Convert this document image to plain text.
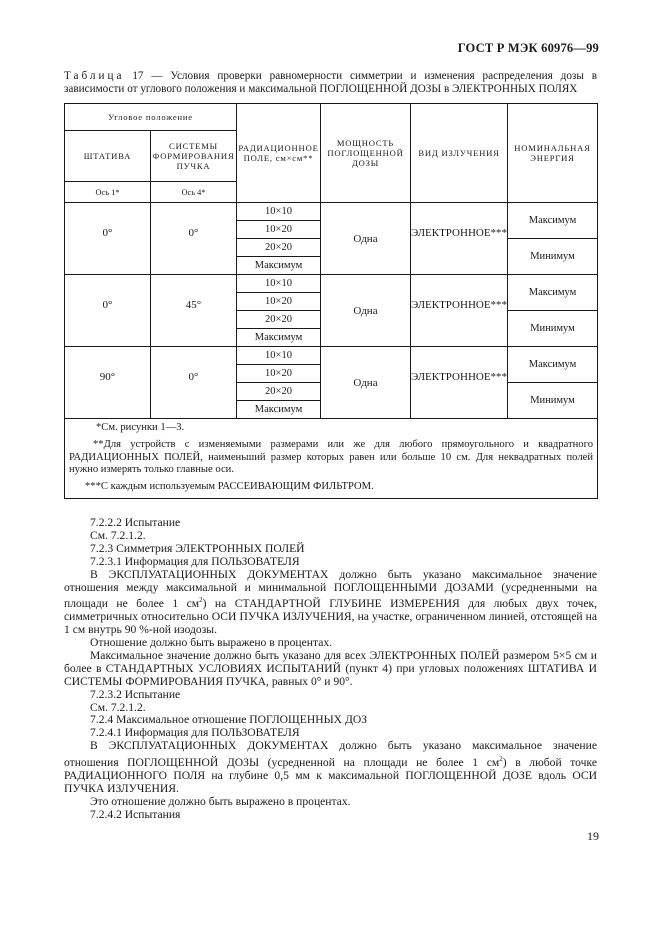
ГОСТ Р МЭК 60976—99
Таблица 17 — Условия проверки равномерности симметрии и изменения распределения дозы в зависимости от углового положения и максимальной ПОГЛОЩЕННОЙ ДОЗЫ в ЭЛЕКТРОННЫХ ПОЛЯХ
Угловое положение		РАДИАЦИОННОЕ ПОЛЕ, см×см**	МОЩНОСТЬ ПОГЛОЩЕННОЙ ДОЗЫ	ВИД ИЗЛУЧЕНИЯ	НОМИНАЛЬНАЯ ЭНЕРГИЯ
ШТАТИВА	СИСТЕМЫ ФОРМИРОВАНИЯ ПУЧКА				
Ось 1*	Ось 4*				
0°	0°	10×10	Одна	ЭЛЕКТРОННОЕ***	Максимум
		10×20			
		20×20			Минимум
		Максимум			
0°	45°	10×10	Одна	ЭЛЕКТРОННОЕ***	Максимум
		10×20			
		20×20			Минимум
		Максимум			
90°	0°	10×10	Одна	ЭЛЕКТРОННОЕ***	Максимум
		10×20			
		20×20			Минимум
		Максимум			

*См. рисунки 1—3.

**Для устройств с изменяемыми размерами или же для любого прямоугольного и квадратного РАДИАЦИОННЫХ ПОЛЕЙ, наименьший размер которых равен или больше 10 см. Для неквадратных полей нужно измерять только главные оси.

***С каждым используемым РАССЕИВАЮЩИМ ФИЛЬТРОМ.					

7.2.2.2 Испытание

См. 7.2.1.2.

7.2.3 Симметрия ЭЛЕКТРОННЫХ ПОЛЕЙ

7.2.3.1 Информация для ПОЛЬЗОВАТЕЛЯ

В ЭКСПЛУАТАЦИОННЫХ ДОКУМЕНТАХ должно быть указано максимальное значение отношения между максимальной и минимальной ПОГЛОЩЕННЫМИ ДОЗАМИ (усредненными на площади не более 1 $см^2$) на СТАНДАРТНОЙ ГЛУБИНЕ ИЗМЕРЕНИЯ для любых двух точек, симметричных относительно ОСИ ПУЧКА ИЗЛУЧЕНИЯ, на участке, ограниченном линией, отстоящей на 1 см внутрь 90 %-ной изодозы.

Отношение должно быть выражено в процентах.

Максимальное значение должно быть указано для всех ЭЛЕКТРОННЫХ ПОЛЕЙ размером 5×5 см и более в СТАНДАРТНЫХ УСЛОВИЯХ ИСПЫТАНИЙ (пункт 4) при угловых положениях ШТАТИВА И СИСТЕМЫ ФОРМИРОВАНИЯ ПУЧКА, равных 0° и 90°.

7.2.3.2 Испытание

См. 7.2.1.2.

7.2.4 Максимальное отношение ПОГЛОЩЕННЫХ ДОЗ

7.2.4.1 Информация для ПОЛЬЗОВАТЕЛЯ

В ЭКСПЛУАТАЦИОННЫХ ДОКУМЕНТАХ должно быть указано максимальное значение отношения ПОГЛОЩЕННОЙ ДОЗЫ (усредненной на площади не более 1 $см^2$) в любой точке РАДИАЦИОННОГО ПОЛЯ на глубине 0,5 мм к максимальной ПОГЛОЩЕННОЙ ДОЗЕ вдоль ОСИ ПУЧКА ИЗЛУЧЕНИЯ.

Это отношение должно быть выражено в процентах.

7.2.4.2 Испытания

19
